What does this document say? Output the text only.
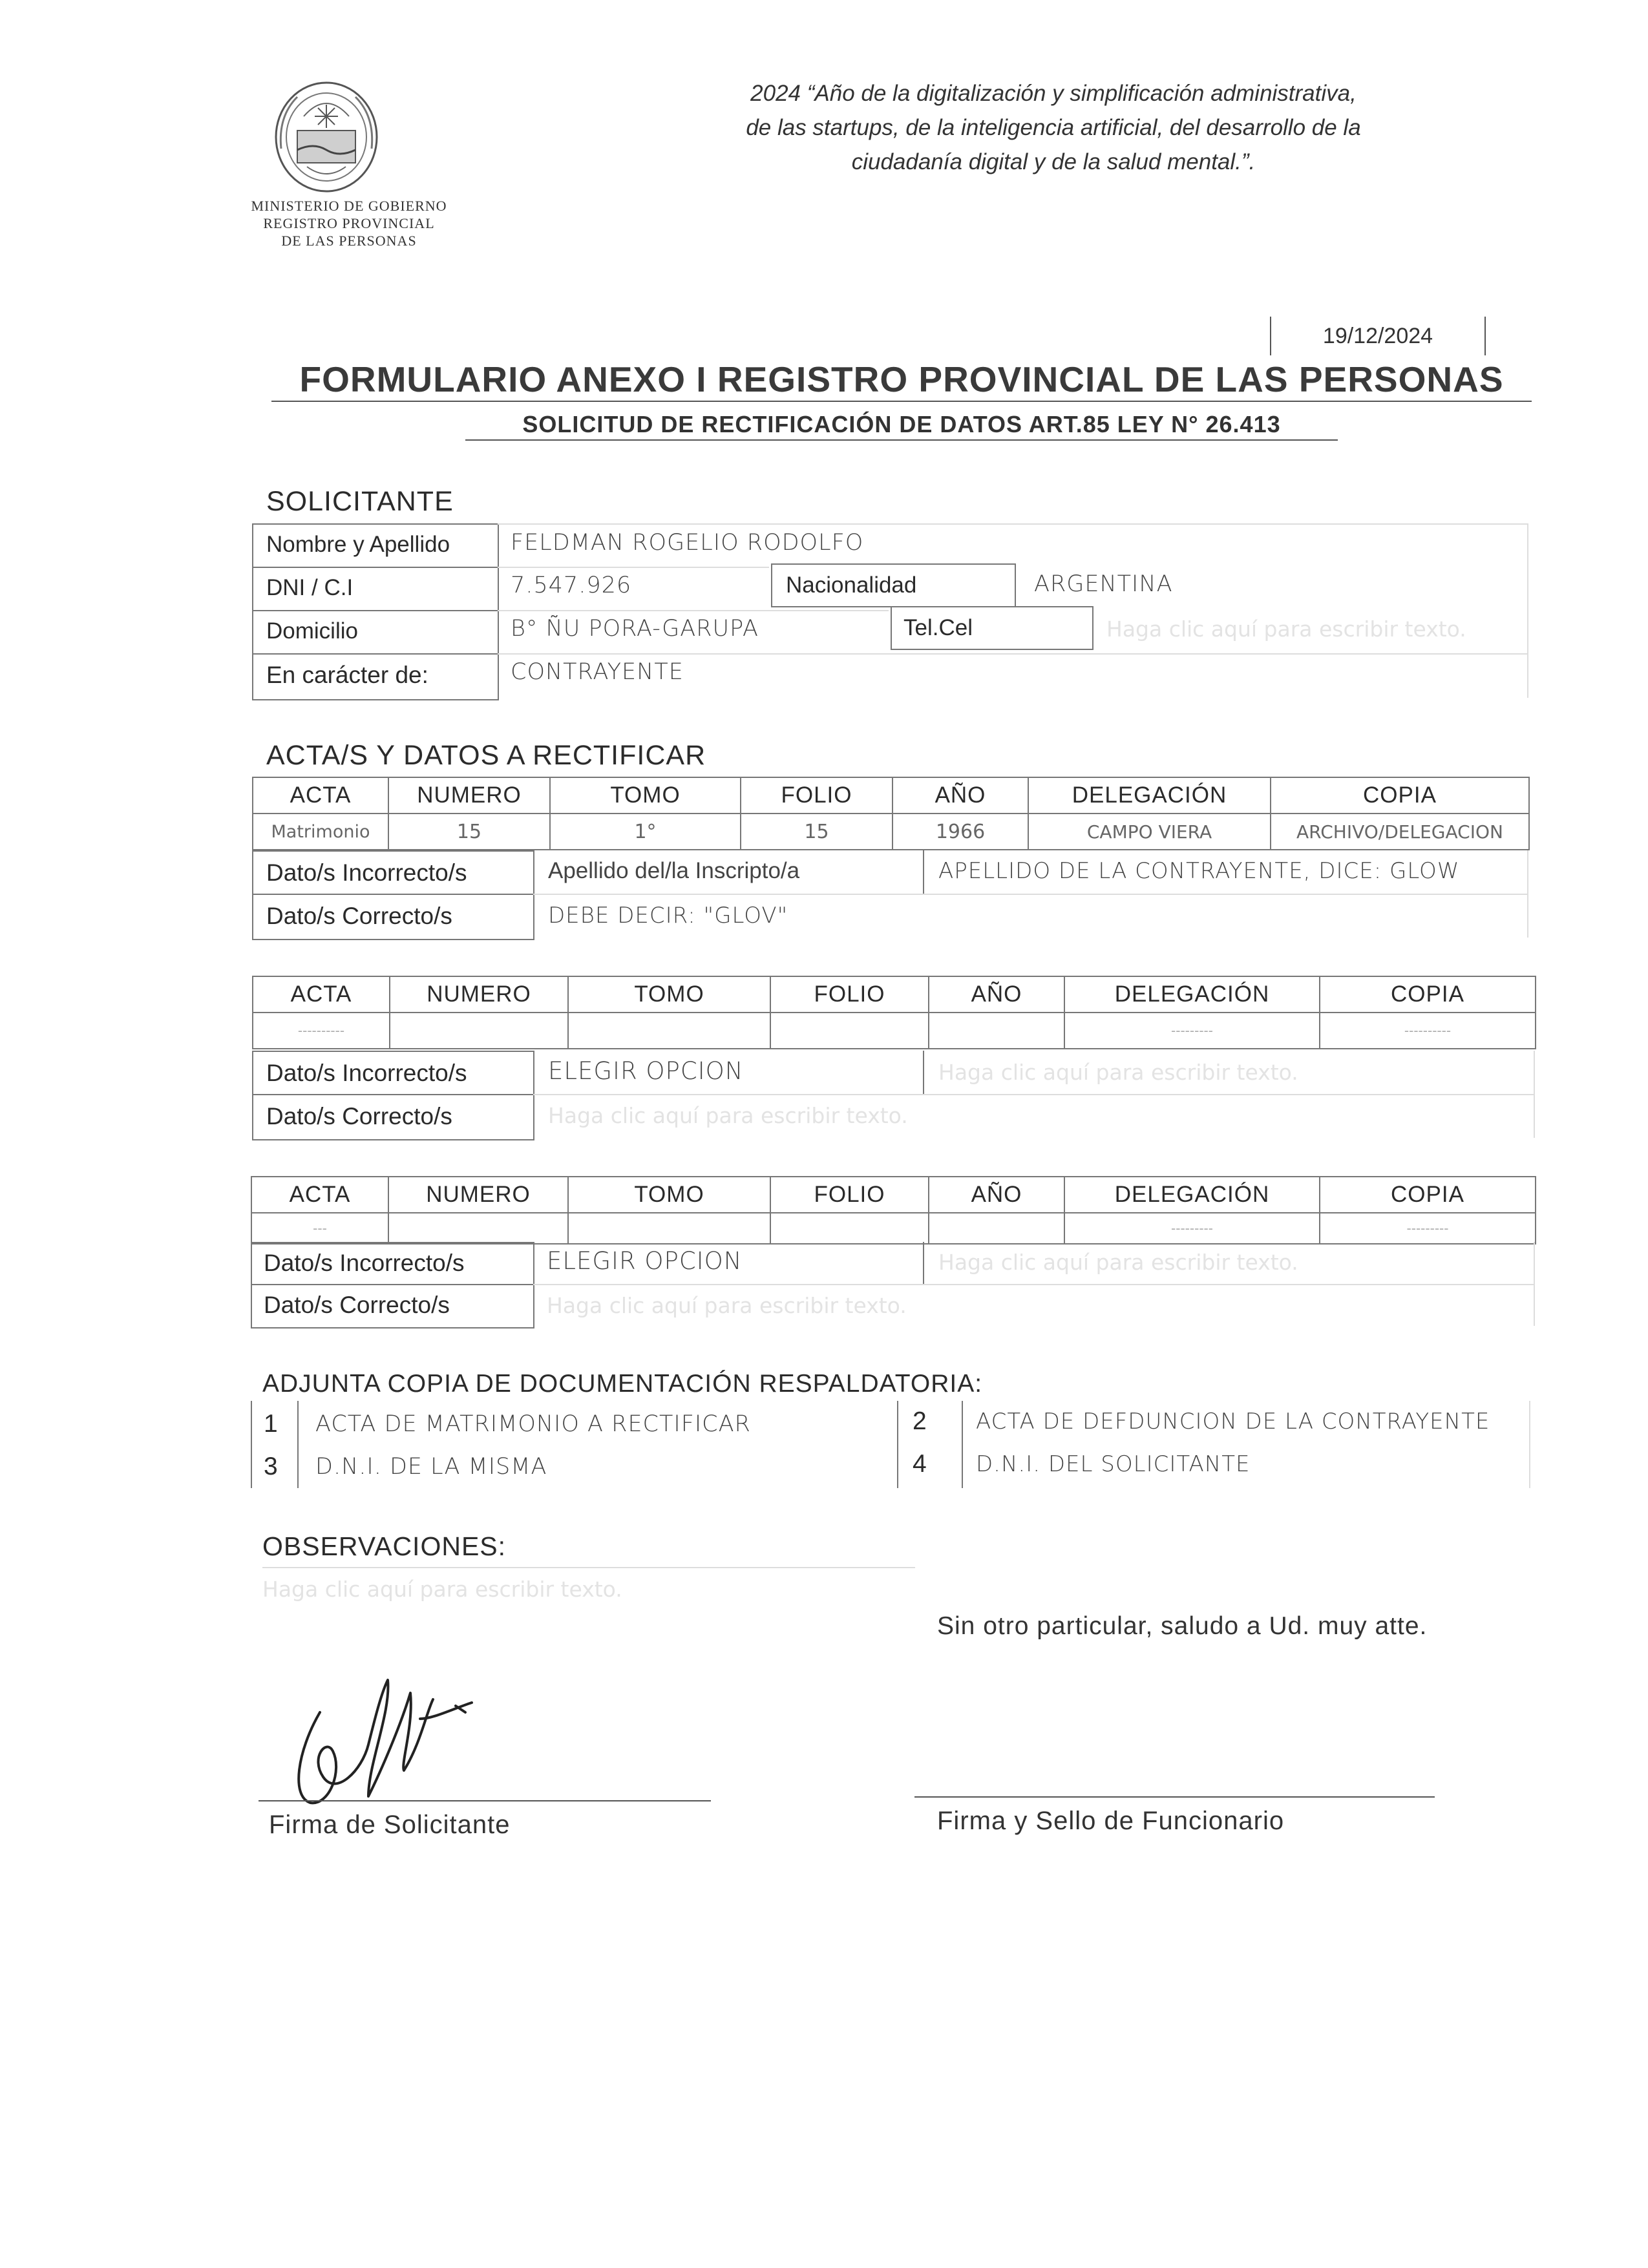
MINISTERIO DE GOBIERNO
REGISTRO PROVINCIAL
DE LAS PERSONAS
2024 “Año de la digitalización y simplificación administrativa,
de las startups, de la inteligencia artificial, del desarrollo de la
ciudadanía digital y de la salud mental.”.
19/12/2024
FORMULARIO ANEXO I REGISTRO PROVINCIAL DE LAS PERSONAS
SOLICITUD DE RECTIFICACIÓN DE DATOS ART.85 LEY N° 26.413
SOLICITANTE
Nombre y Apellido	FELDMAN ROGELIO RODOLFO
DNI / C.I	7.547.926	Nacionalidad	ARGENTINA
Domicilio	B° ÑU PORA-GARUPA	Tel.Cel	Haga clic aquí para escribir texto.
En carácter de:	CONTRAYENTE
ACTA/S Y DATOS A RECTIFICAR
ACTA	NUMERO	TOMO	FOLIO	AÑO	DELEGACIÓN	COPIA
Matrimonio	15	1°	15	1966	CAMPO VIERA	ARCHIVO/DELEGACION
Dato/s Incorrecto/s	Apellido del/la Inscripto/a	APELLIDO DE LA CONTRAYENTE, DICE: GLOW
Dato/s Correcto/s	DEBE DECIR: "GLOV"
ACTA	NUMERO	TOMO	FOLIO	AÑO	DELEGACIÓN	COPIA
----------					---------	----------
Dato/s Incorrecto/s	ELEGIR OPCION	Haga clic aquí para escribir texto.
Dato/s Correcto/s	Haga clic aquí para escribir texto.
ACTA	NUMERO	TOMO	FOLIO	AÑO	DELEGACIÓN	COPIA
---					---------	---------
Dato/s Incorrecto/s	ELEGIR OPCION	Haga clic aquí para escribir texto.
Dato/s Correcto/s	Haga clic aquí para escribir texto.
ADJUNTA COPIA DE DOCUMENTACIÓN RESPALDATORIA:
1 ACTA DE MATRIMONIO A RECTIFICAR	2 ACTA DE DEFDUNCION DE LA CONTRAYENTE
3 D.N.I. DE LA MISMA	4 D.N.I. DEL SOLICITANTE
OBSERVACIONES:
Haga clic aquí para escribir texto.
Sin otro particular, saludo a Ud. muy atte.
Firma de Solicitante	Firma y Sello de Funcionario
